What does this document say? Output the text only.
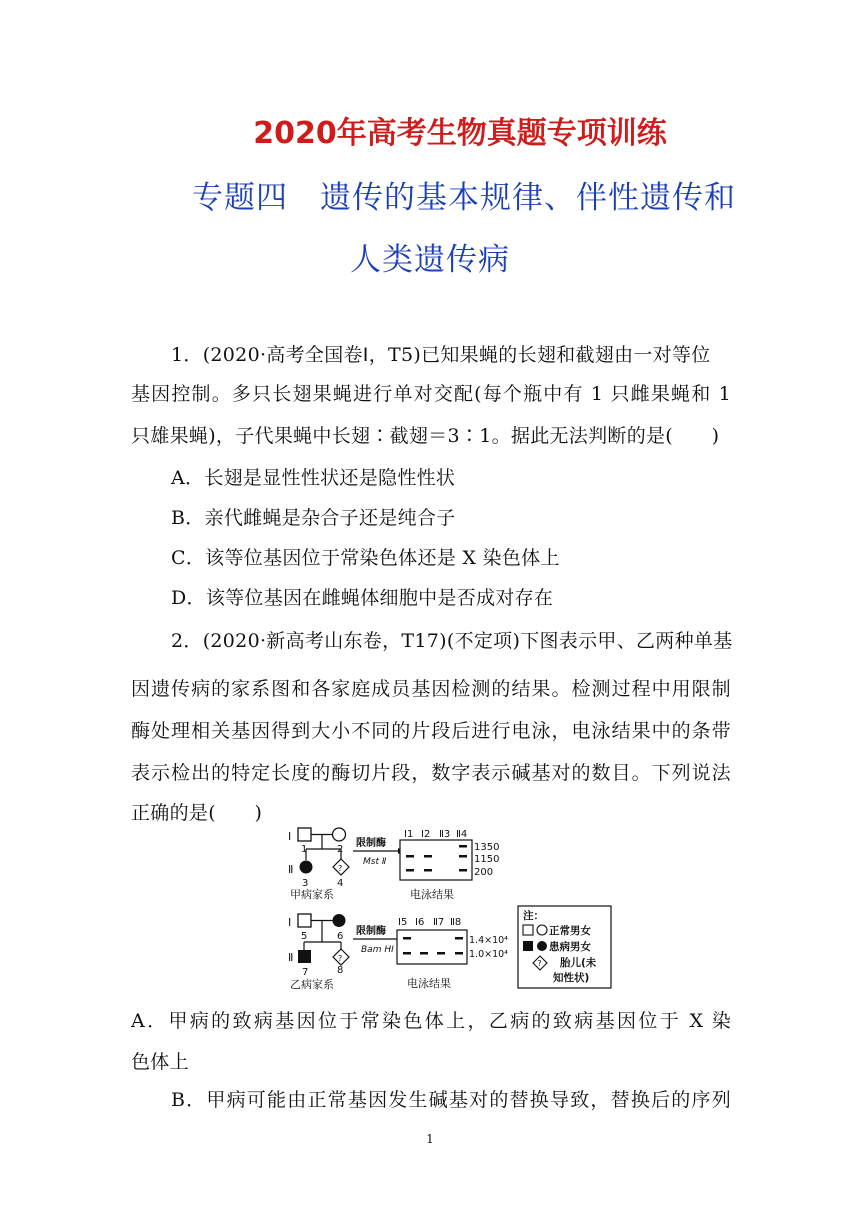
2020年高考生物真题专项训练
专题四　遗传的基本规律、伴性遗传和
人类遗传病
1．(2020·高考全国卷Ⅰ，T5)已知果蝇的长翅和截翅由一对等位
基因控制。多只长翅果蝇进行单对交配(每个瓶中有 1 只雌果蝇和 1
只雄果蝇)，子代果蝇中长翅∶截翅＝3∶1。据此无法判断的是(　　)
A．长翅是显性性状还是隐性性状
B．亲代雌蝇是杂合子还是纯合子
C．该等位基因位于常染色体还是 X 染色体上
D．该等位基因在雌蝇体细胞中是否成对存在
2．(2020·新高考山东卷，T17)(不定项)下图表示甲、乙两种单基
因遗传病的家系图和各家庭成员基因检测的结果。检测过程中用限制
酶处理相关基因得到大小不同的片段后进行电泳，电泳结果中的条带
表示检出的特定长度的酶切片段，数字表示碱基对的数目。下列说法
正确的是(　　)
Ⅰ
1	2
Ⅱ	?
3	4
甲病家系
限制酶
Mst Ⅱ
Ⅰ1 Ⅰ2 Ⅱ3 Ⅱ4
1350
1150
200
电泳结果
Ⅰ
5	6
Ⅱ	?
7	8
乙病家系
限制酶
Bam HⅠ
Ⅰ5 Ⅰ6 Ⅱ7 Ⅱ8
1.4×10⁴
1.0×10⁴
电泳结果
注：
正常男女
患病男女
? 胎儿(未
知性状)
A．甲病的致病基因位于常染色体上，乙病的致病基因位于 X 染
色体上
B．甲病可能由正常基因发生碱基对的替换导致，替换后的序列
1
